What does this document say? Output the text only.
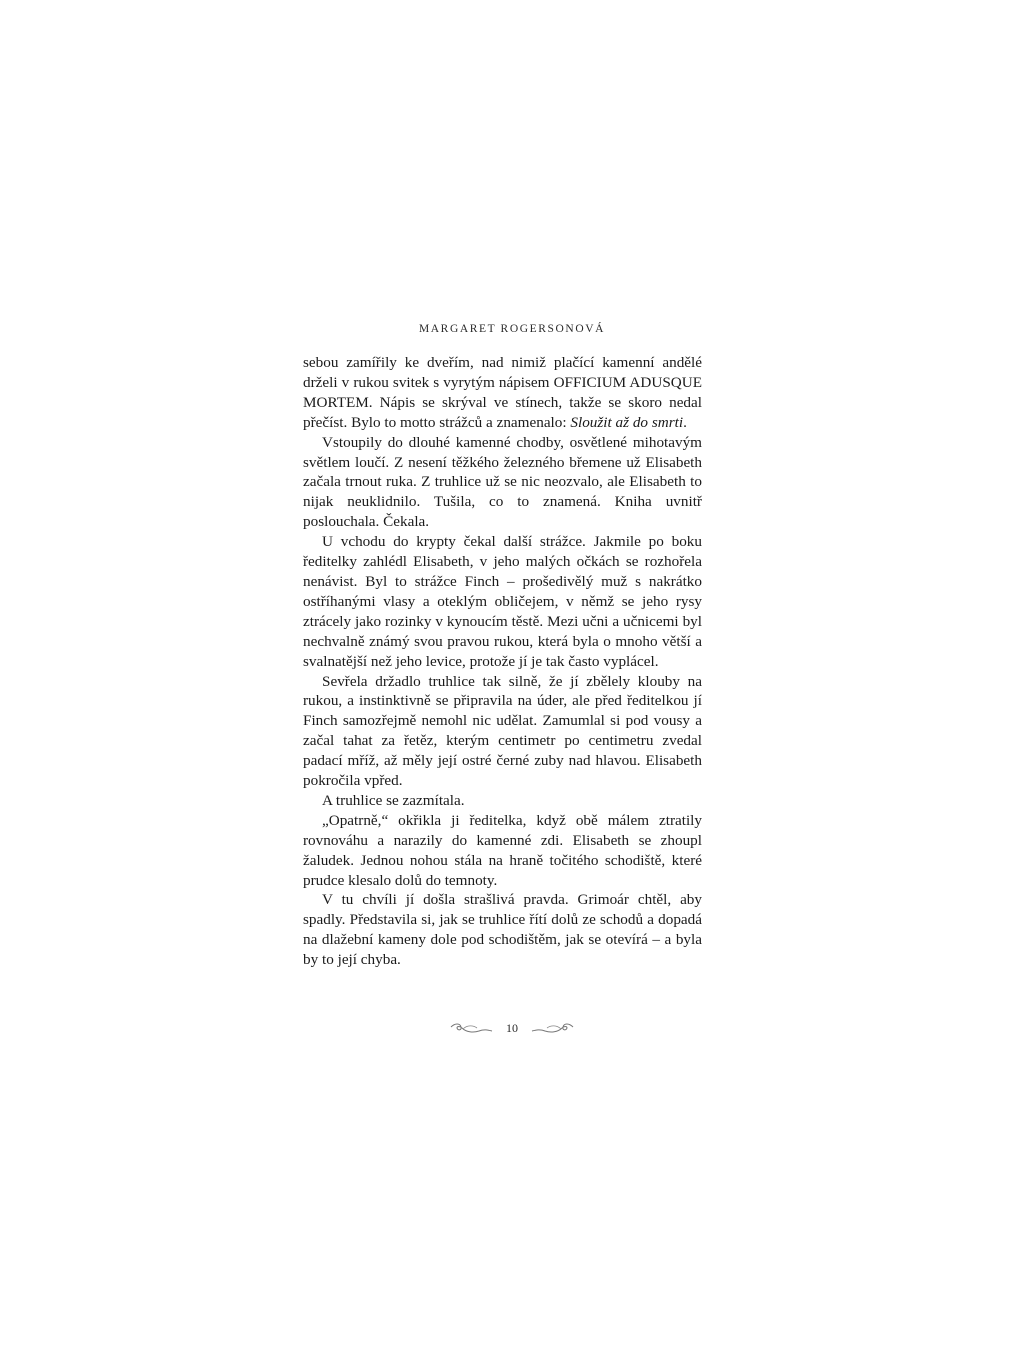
MARGARET ROGERSONOVÁ

sebou zamířily ke dveřím, nad nimiž plačící kamenní andělé drželi v rukou svitek s vyrytým nápisem OFFICIUM ADUSQUE MORTEM. Nápis se skrýval ve stínech, takže se skoro nedal přečíst. Bylo to motto strážců a znamenalo: Sloužit až do smrti.

Vstoupily do dlouhé kamenné chodby, osvětlené mihotavým světlem loučí. Z nesení těžkého železného břemene už Elisabeth začala trnout ruka. Z truhlice už se nic neozvalo, ale Elisabeth to nijak neuklidnilo. Tušila, co to znamená. Kniha uvnitř poslouchala. Čekala.

U vchodu do krypty čekal další strážce. Jakmile po boku ředitelky zahlédl Elisabeth, v jeho malých očkách se rozhořela nenávist. Byl to strážce Finch – prošedivělý muž s nakrátko ostříhanými vlasy a oteklým obličejem, v němž se jeho rysy ztrácely jako rozinky v kynoucím těstě. Mezi učni a učnicemi byl nechvalně známý svou pravou rukou, která byla o mnoho větší a svalnatější než jeho levice, protože jí je tak často vyplácel.

Sevřela držadlo truhlice tak silně, že jí zbělely klouby na rukou, a instinktivně se připravila na úder, ale před ředitelkou jí Finch samozřejmě nemohl nic udělat. Zamumlal si pod vousy a začal tahat za řetěz, kterým centimetr po centimetru zvedal padací mříž, až měly její ostré černé zuby nad hlavou. Elisabeth pokročila vpřed.

A truhlice se zazmítala.

„Opatrně,“ okřikla ji ředitelka, když obě málem ztratily rovnováhu a narazily do kamenné zdi. Elisabeth se zhoupl žaludek. Jednou nohou stála na hraně točitého schodiště, které prudce klesalo dolů do temnoty.

V tu chvíli jí došla strašlivá pravda. Grimoár chtěl, aby spadly. Představila si, jak se truhlice řítí dolů ze schodů a dopadá na dlažební kameny dole pod schodištěm, jak se otevírá – a byla by to její chyba.

10
